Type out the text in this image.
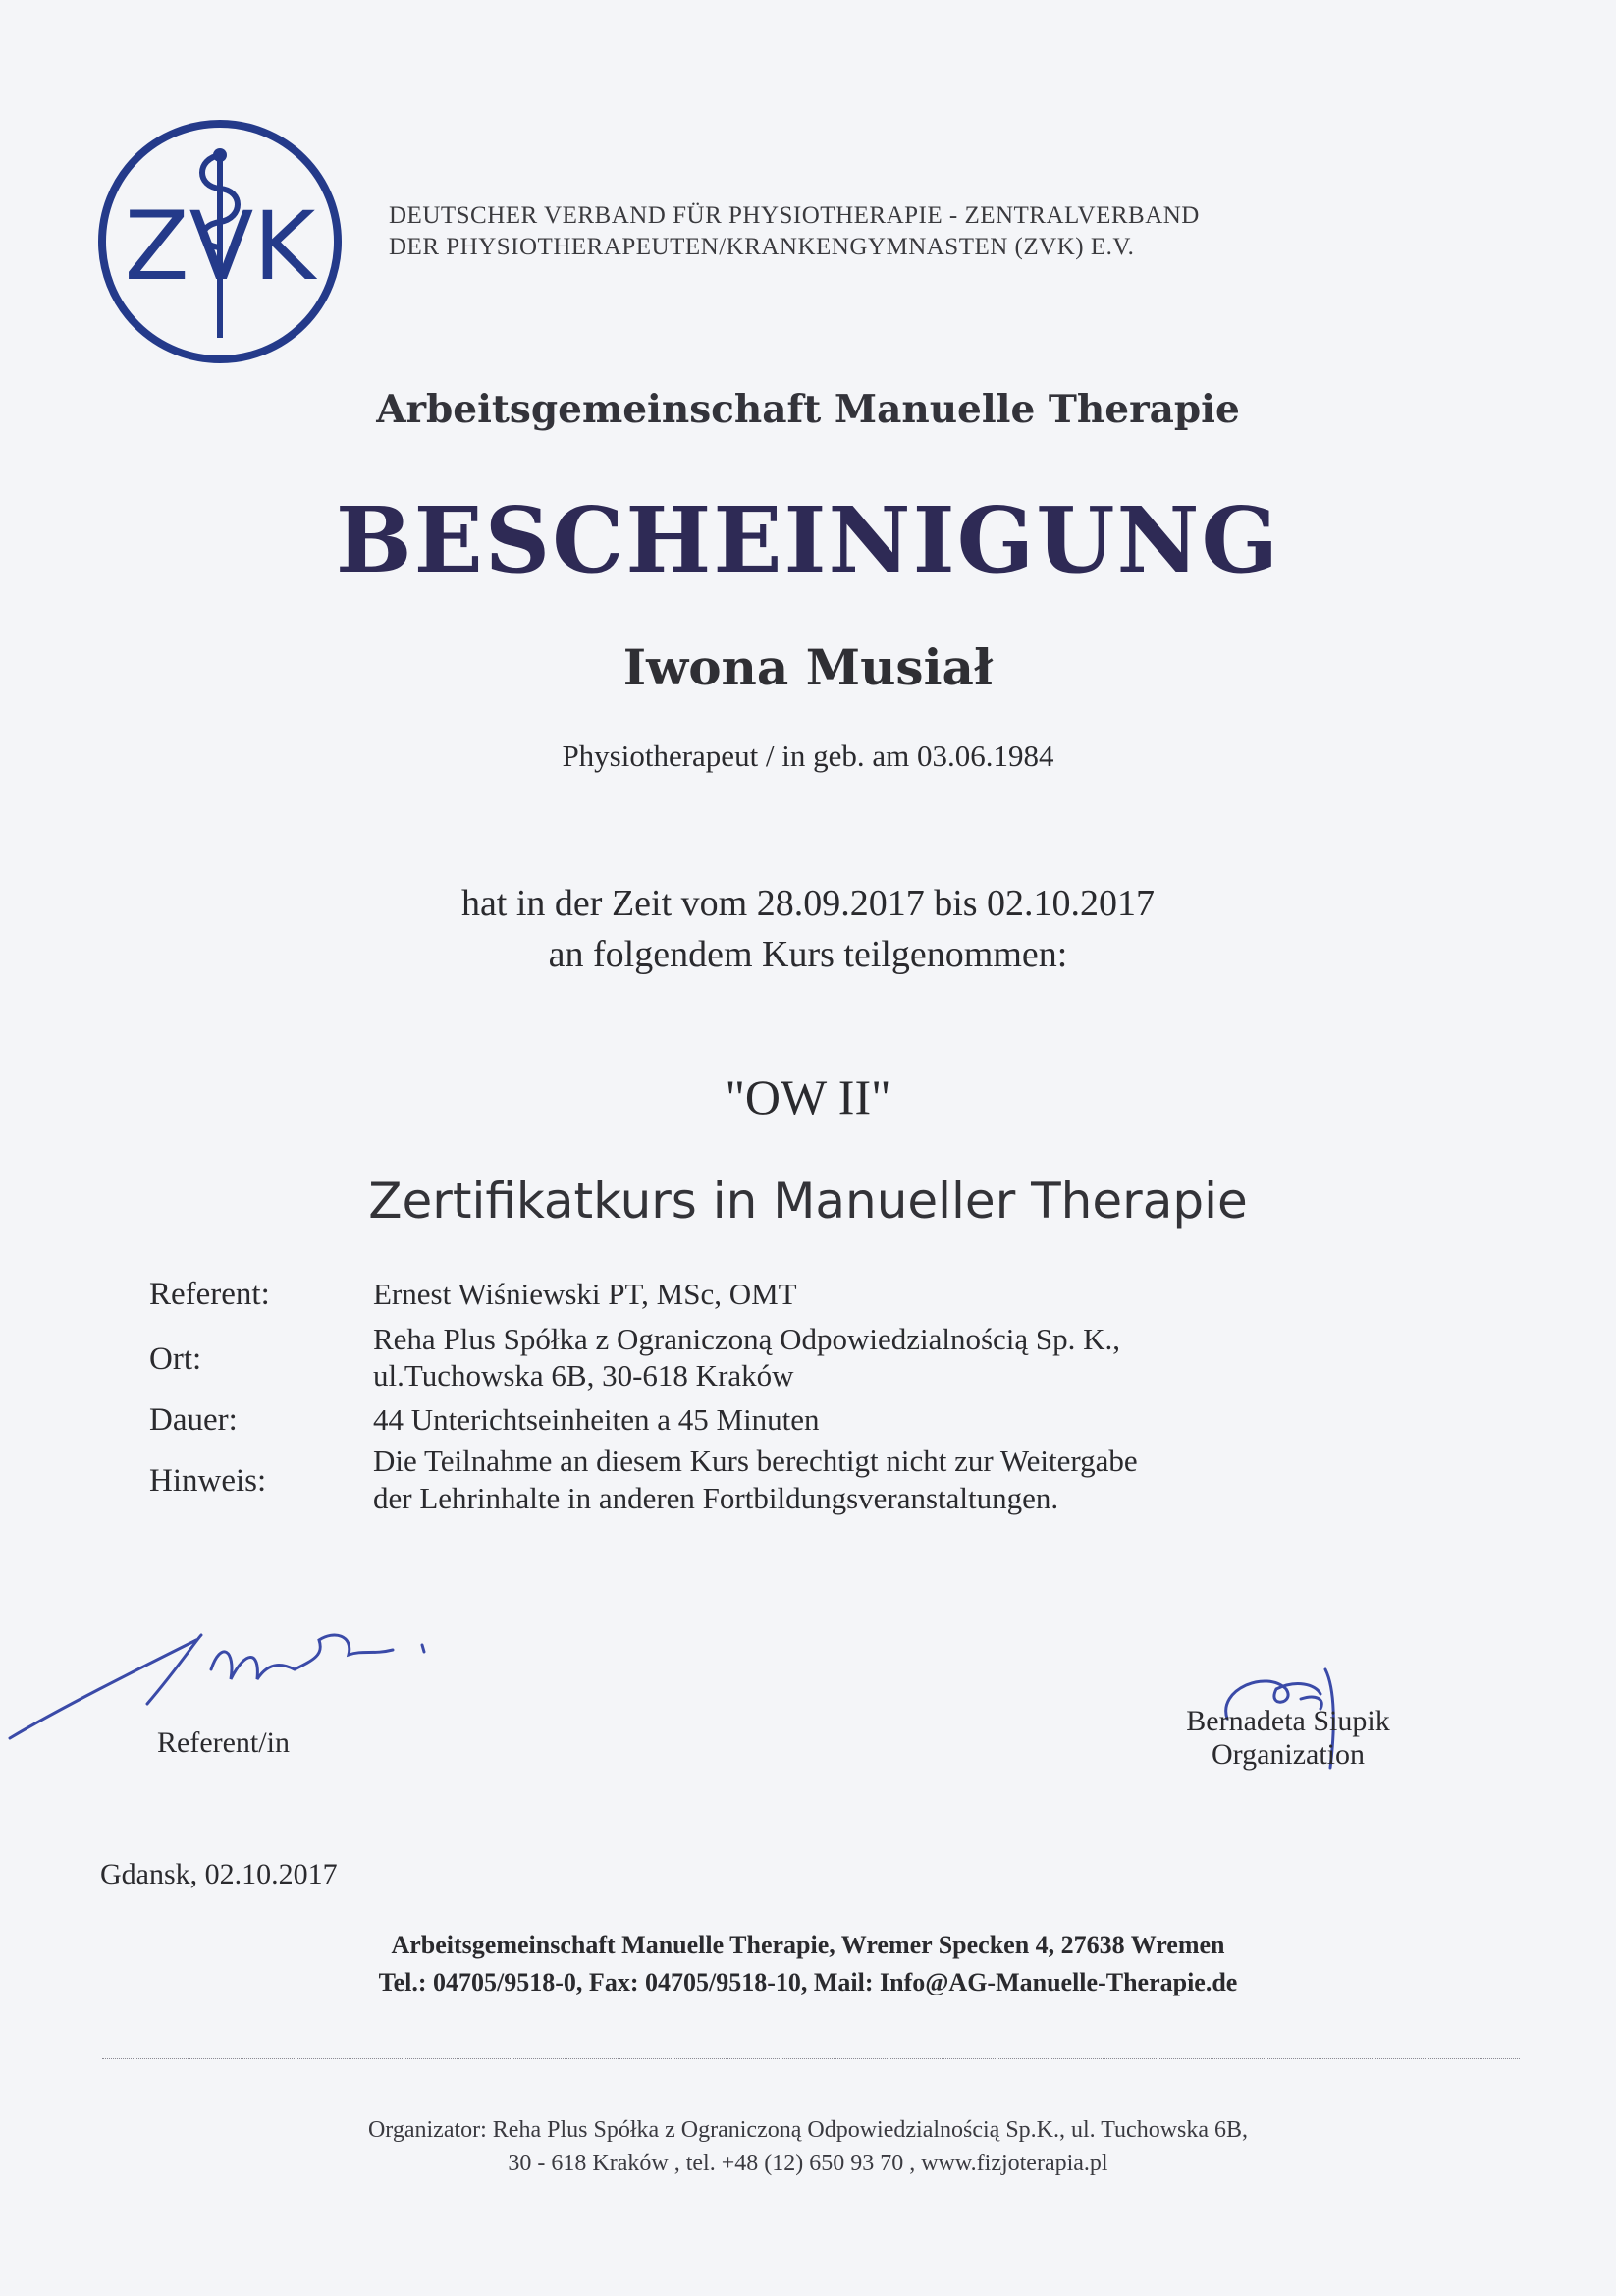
ZVK	DEUTSCHER VERBAND FÜR PHYSIOTHERAPIE - ZENTRALVERBAND
DER PHYSIOTHERAPEUTEN/KRANKENGYMNASTEN (ZVK) E.V.
Arbeitsgemeinschaft Manuelle Therapie
BESCHEINIGUNG
Iwona Musiał
Physiotherapeut / in geb. am 03.06.1984
hat in der Zeit vom 28.09.2017 bis 02.10.2017
an folgendem Kurs teilgenommen:
"OW II"
Zertifikatkurs in Manueller Therapie
Referent:	Ernest Wiśniewski PT, MSc, OMT
Ort:
Reha Plus Spółka z Ograniczoną Odpowiedzialnością Sp. K.,
ul.Tuchowska 6B, 30-618 Kraków
Dauer:	44 Unterichtseinheiten a 45 Minuten
Hinweis:
Die Teilnahme an diesem Kurs berechtigt nicht zur Weitergabe
der Lehrinhalte in anderen Fortbildungsveranstaltungen.
Referent/in
Bernadeta Siupik
Organization
Gdansk, 02.10.2017
Arbeitsgemeinschaft Manuelle Therapie, Wremer Specken 4, 27638 Wremen
Tel.: 04705/9518-0, Fax: 04705/9518-10, Mail: Info@AG-Manuelle-Therapie.de
Organizator: Reha Plus Spółka z Ograniczoną Odpowiedzialnością Sp.K., ul. Tuchowska 6B,
30 - 618 Kraków , tel. +48 (12) 650 93 70 , www.fizjoterapia.pl
